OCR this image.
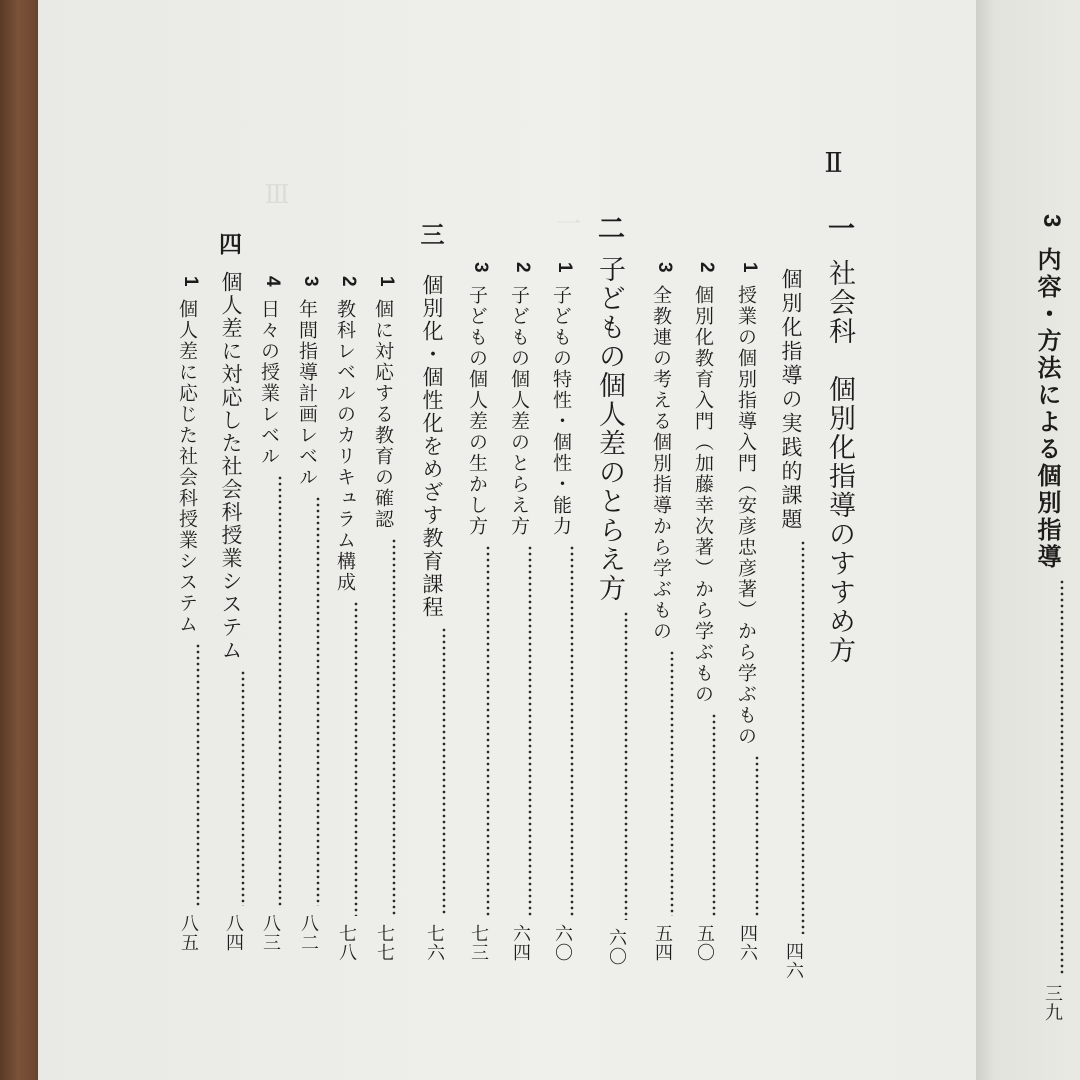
Ⅲ
一
Ⅱ
一
社会科　個別化指導のすすめ方
個別化指導の実践的課題
四六
1
授業の個別指導入門（安彦忠彦著）から学ぶもの
四六
2
個別化教育入門（加藤幸次著）から学ぶもの
五〇
3
全教連の考える個別指導から学ぶもの
五四
二
子どもの個人差のとらえ方
六〇
1
子どもの特性・個性・能力
六〇
2
子どもの個人差のとらえ方
六四
3
子どもの個人差の生かし方
七三
三
個別化・個性化をめざす教育課程
七六
1
個に対応する教育の確認
七七
2
教科レベルのカリキュラム構成
七八
3
年間指導計画レベル
八二
4
日々の授業レベル
八三
四
個人差に対応した社会科授業システム
八四
1
個人差に応じた社会科授業システム
八五
3
内容・方法による個別指導
三九
